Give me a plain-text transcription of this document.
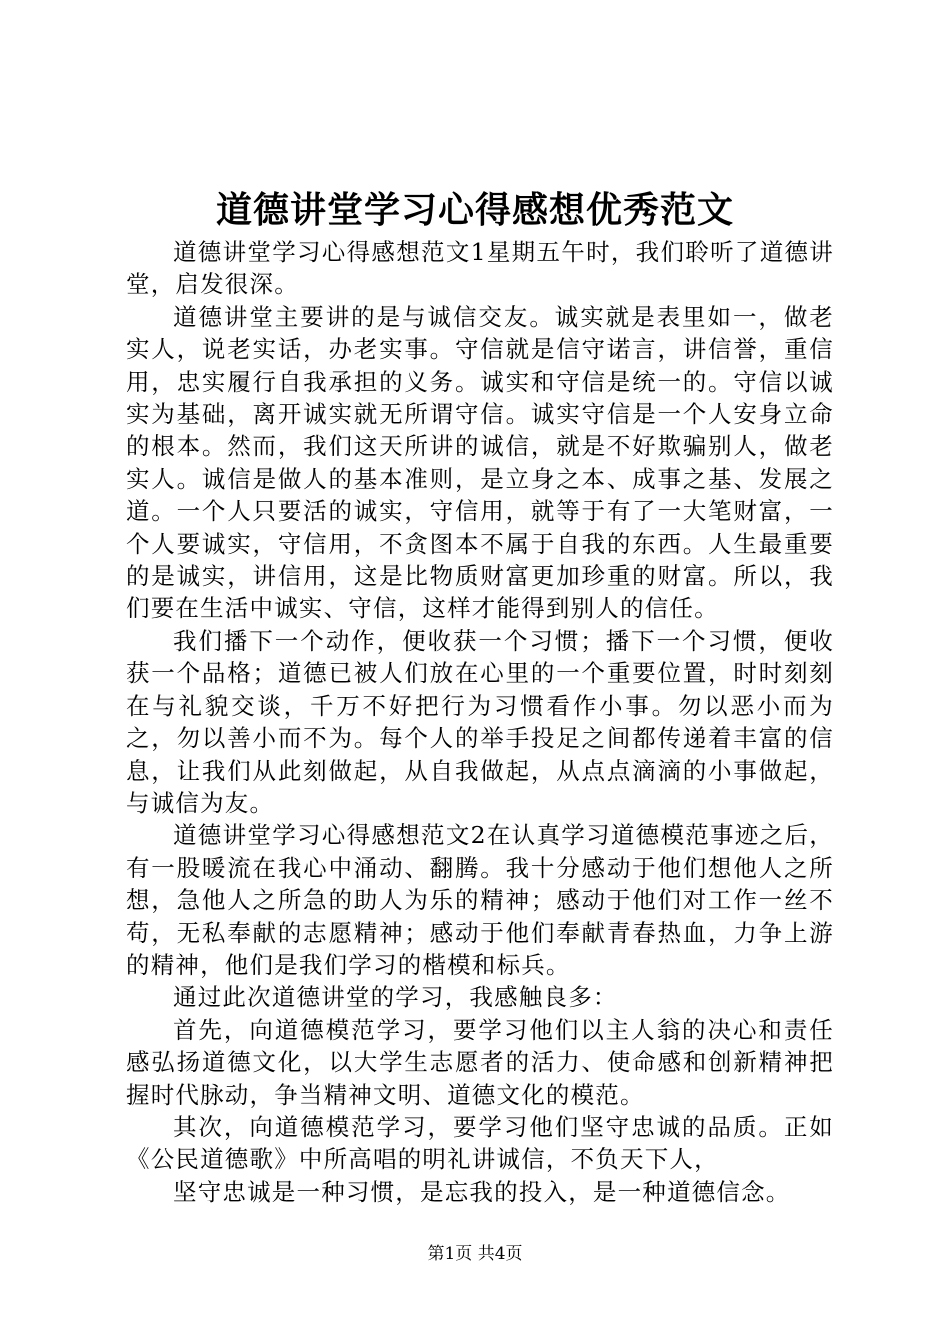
道德讲堂学习心得感想优秀范文

道德讲堂学习心得感想范文1星期五午时，我们聆听了道德讲堂，启发很深。

道德讲堂主要讲的是与诚信交友。诚实就是表里如一，做老实人，说老实话，办老实事。守信就是信守诺言，讲信誉，重信用，忠实履行自我承担的义务。诚实和守信是统一的。守信以诚实为基础，离开诚实就无所谓守信。诚实守信是一个人安身立命的根本。然而，我们这天所讲的诚信，就是不好欺骗别人，做老实人。诚信是做人的基本准则，是立身之本、成事之基、发展之道。一个人只要活的诚实，守信用，就等于有了一大笔财富，一个人要诚实，守信用，不贪图本不属于自我的东西。人生最重要的是诚实，讲信用，这是比物质财富更加珍重的财富。所以，我们要在生活中诚实、守信，这样才能得到别人的信任。

我们播下一个动作，便收获一个习惯；播下一个习惯，便收获一个品格；道德已被人们放在心里的一个重要位置，时时刻刻在与礼貌交谈，千万不好把行为习惯看作小事。勿以恶小而为之，勿以善小而不为。每个人的举手投足之间都传递着丰富的信息，让我们从此刻做起，从自我做起，从点点滴滴的小事做起，与诚信为友。

道德讲堂学习心得感想范文2在认真学习道德模范事迹之后，有一股暖流在我心中涌动、翻腾。我十分感动于他们想他人之所想，急他人之所急的助人为乐的精神；感动于他们对工作一丝不苟，无私奉献的志愿精神；感动于他们奉献青春热血，力争上游的精神，他们是我们学习的楷模和标兵。

通过此次道德讲堂的学习，我感触良多：

首先，向道德模范学习，要学习他们以主人翁的决心和责任感弘扬道德文化，以大学生志愿者的活力、使命感和创新精神把握时代脉动，争当精神文明、道德文化的模范。

其次，向道德模范学习，要学习他们坚守忠诚的品质。正如《公民道德歌》中所高唱的明礼讲诚信，不负天下人，

坚守忠诚是一种习惯，是忘我的投入，是一种道德信念。

第1页 共4页
